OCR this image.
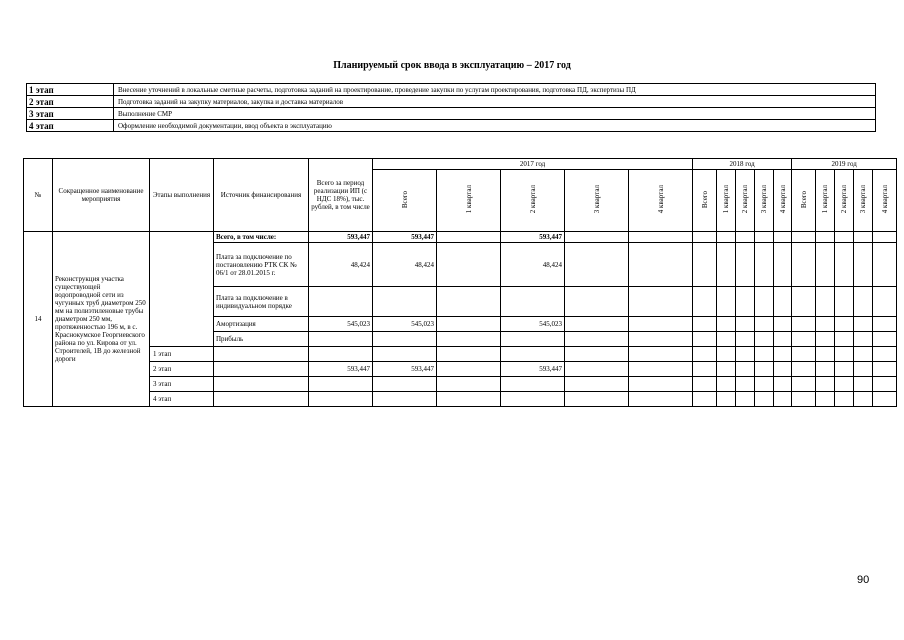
Планируемый срок ввода в эксплуатацию – 2017 год
1 этап	Внесение уточнений в локальные сметные расчеты, подготовка заданий на проектирование, проведение закупки по услугам проектирования, подготовка ПД, экспертизы ПД
2 этап	Подготовка заданий на закупку материалов, закупка и доставка материалов
3 этап	Выполнение СМР
4 этап	Оформление необходимой документации, ввод объекта в эксплуатацию
№	Сокращенное наименование мероприятия	Этапы выполнения	Источник финансирования	Всего за период реализации ИП (с НДС 18%), тыс. рублей, в том числе	2017 год					2018 год					2019 год				
					Всего	1 квартал	2 квартал	3 квартал	4 квартал	Всего	1 квартал	2 квартал	3 квартал	4 квартал	Всего	1 квартал	2 квартал	3 квартал	4 квартал
14	Реконструкция участка существующей водопроводной сети из чугунных труб диаметром 250 мм на полиэтиленовые трубы диаметром 250 мм, протяженностью 196 м, в с. Краснокумское Георгиевского района по ул. Кирова от ул. Строителей, 1В до железной дороги		Всего, в том числе:	593,447	593,447		593,447												
			Плата за подключение по постановлению РТК СК № 06/1 от 28.01.2015 г.	48,424	48,424		48,424												
			Плата за подключение в индивидуальном порядке																
			Амортизация	545,023	545,023		545,023												
			Прибыль																
		1 этап																	
		2 этап		593,447	593,447		593,447												
		3 этап																	
		4 этап																	
90
